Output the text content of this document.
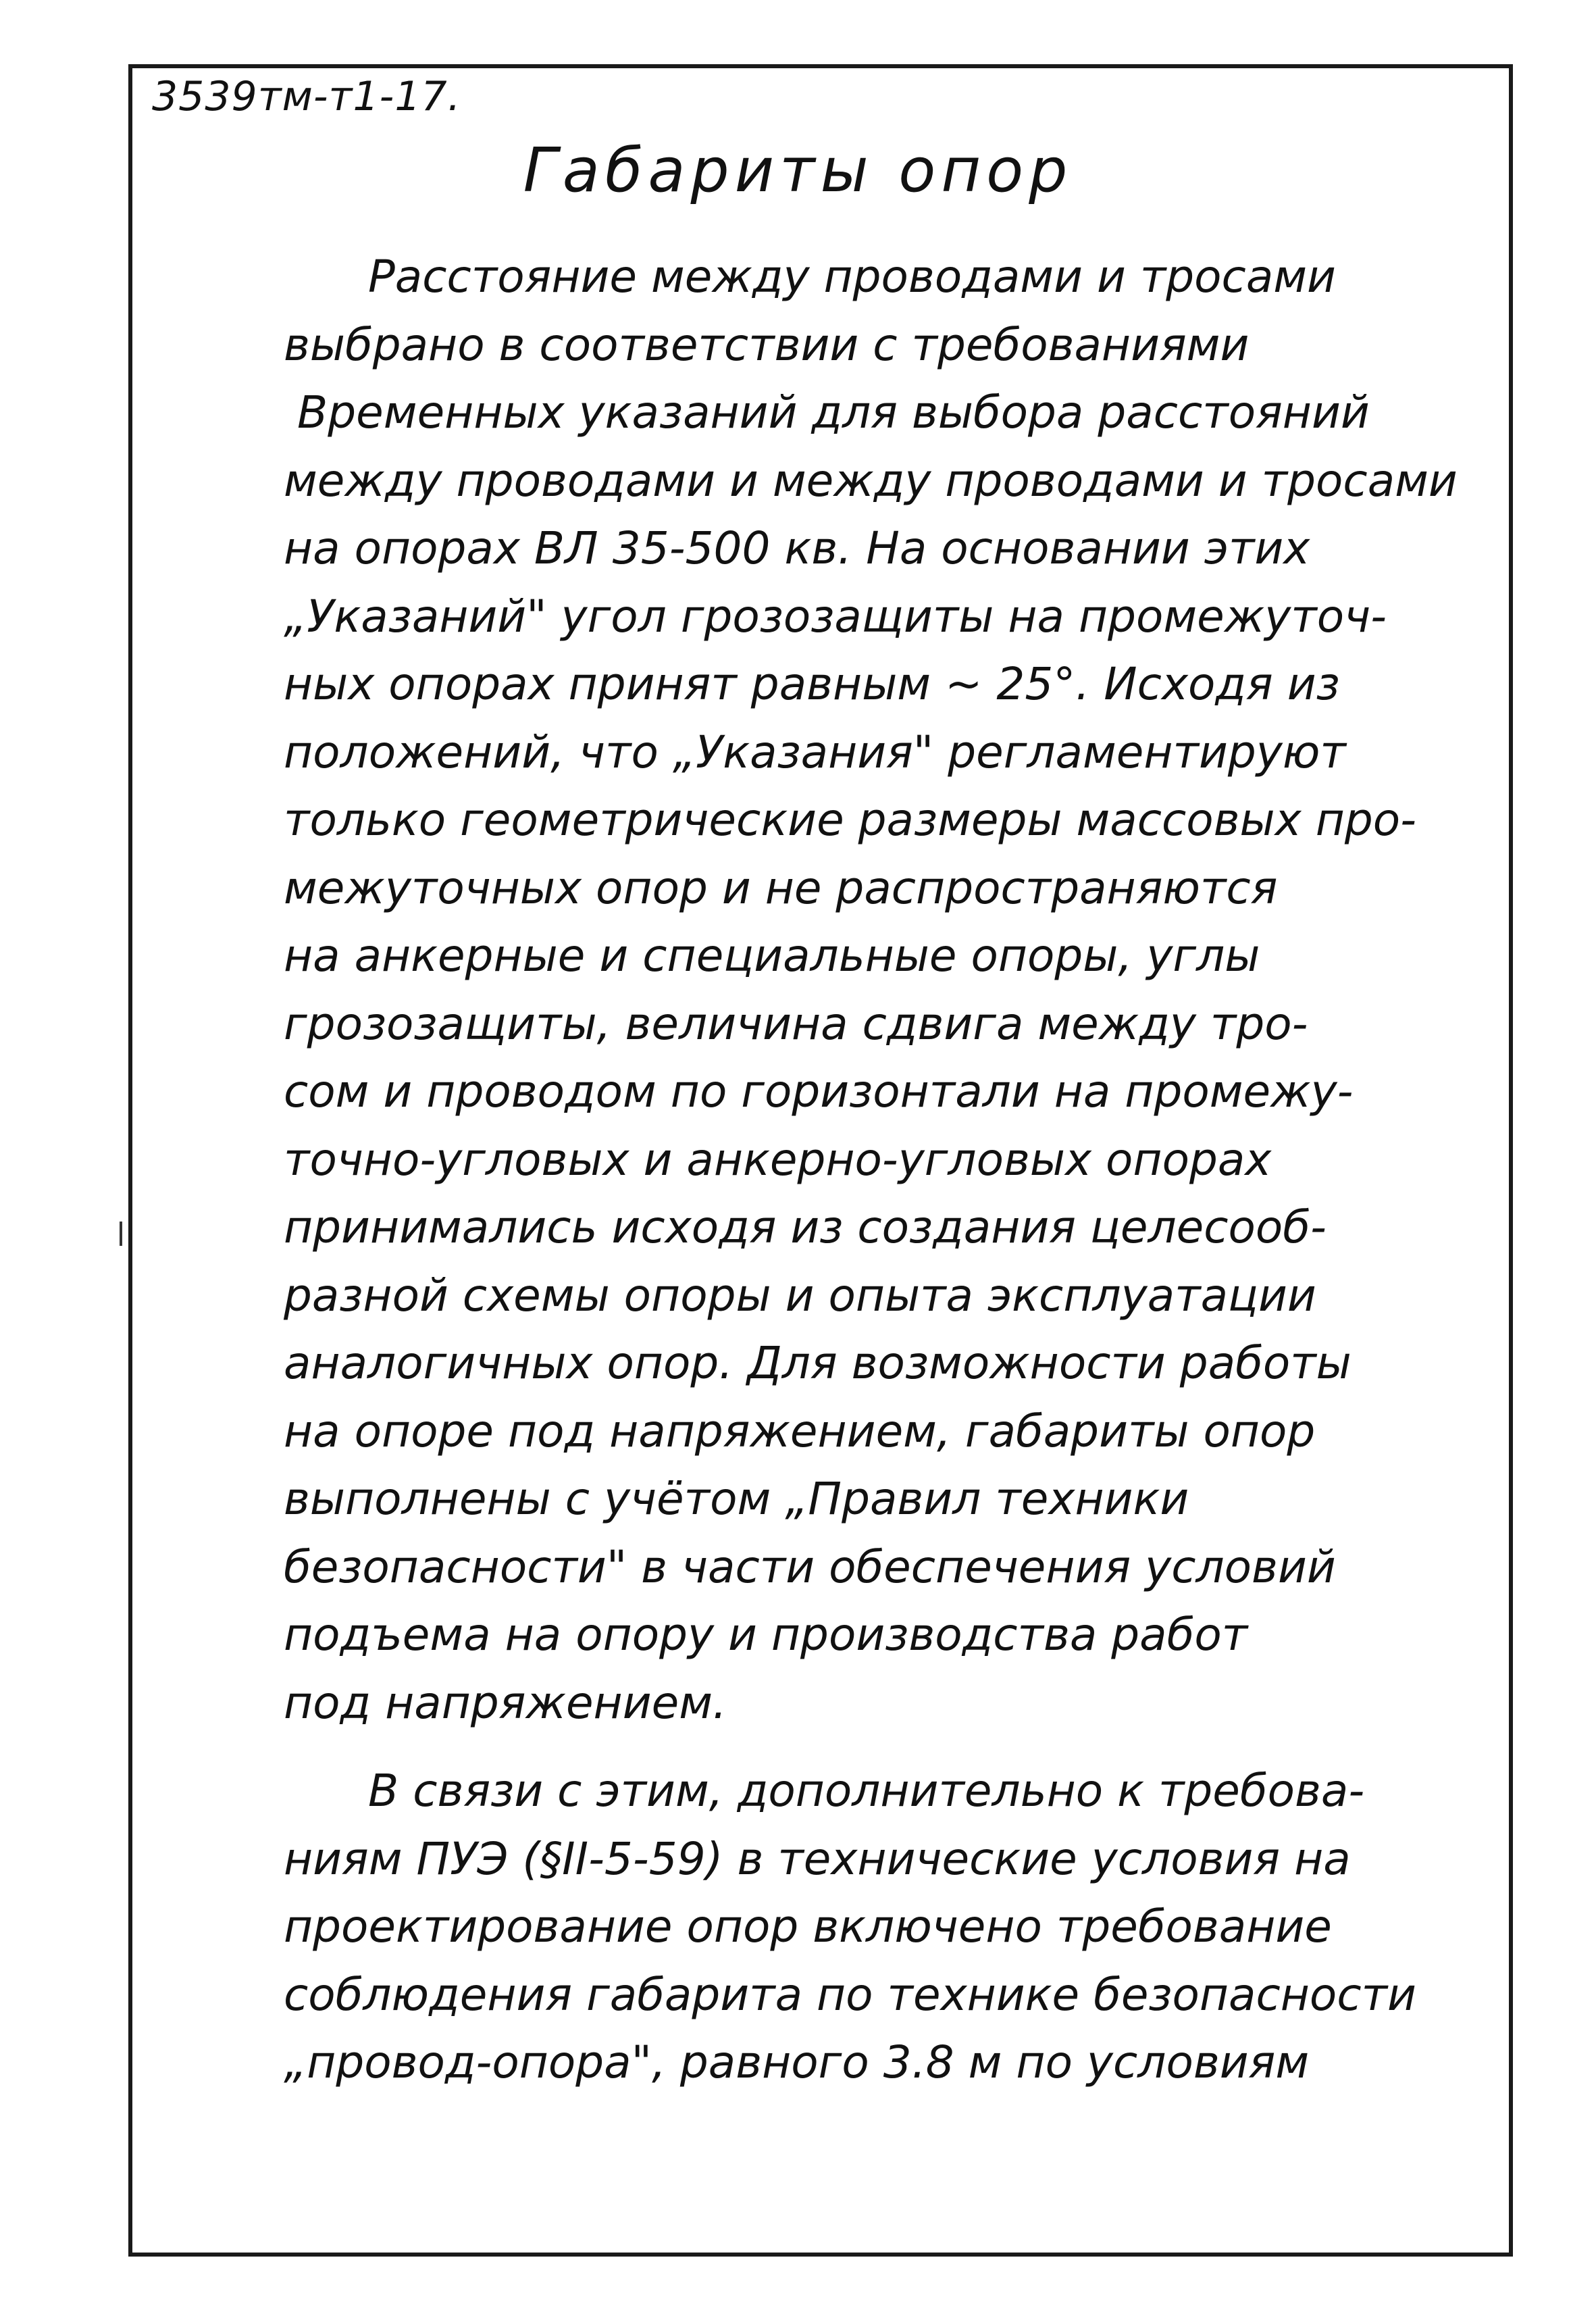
3539тм-т1-17.
Габариты опор
Расстояние между проводами и тросами
выбрано в соответствии с требованиями
Временных указаний для выбора расстояний
между проводами и между проводами и тросами
на опорах ВЛ 35-500 кв. На основании этих
„Указаний" угол грозозащиты на промежуточ-
ных опорах принят равным ~ 25°. Исходя из
положений, что „Указания" регламентируют
только геометрические размеры массовых про-
межуточных опор и не распространяются
на анкерные и специальные опоры, углы
грозозащиты, величина сдвига между тро-
сом и проводом по горизонтали на промежу-
точно-угловых и анкерно-угловых опорах
принимались исходя из создания целесооб-
разной схемы опоры и опыта эксплуатации
аналогичных опор. Для возможности работы
на опоре под напряжением, габариты опор
выполнены с учётом „Правил техники
безопасности" в части обеспечения условий
подъема на опору и производства работ
под напряжением.
В связи с этим, дополнительно к требова-
ниям ПУЭ (§II-5-59) в технические условия на
проектирование опор включено требование
соблюдения габарита по технике безопасности
„провод-опора", равного 3.8 м по условиям
